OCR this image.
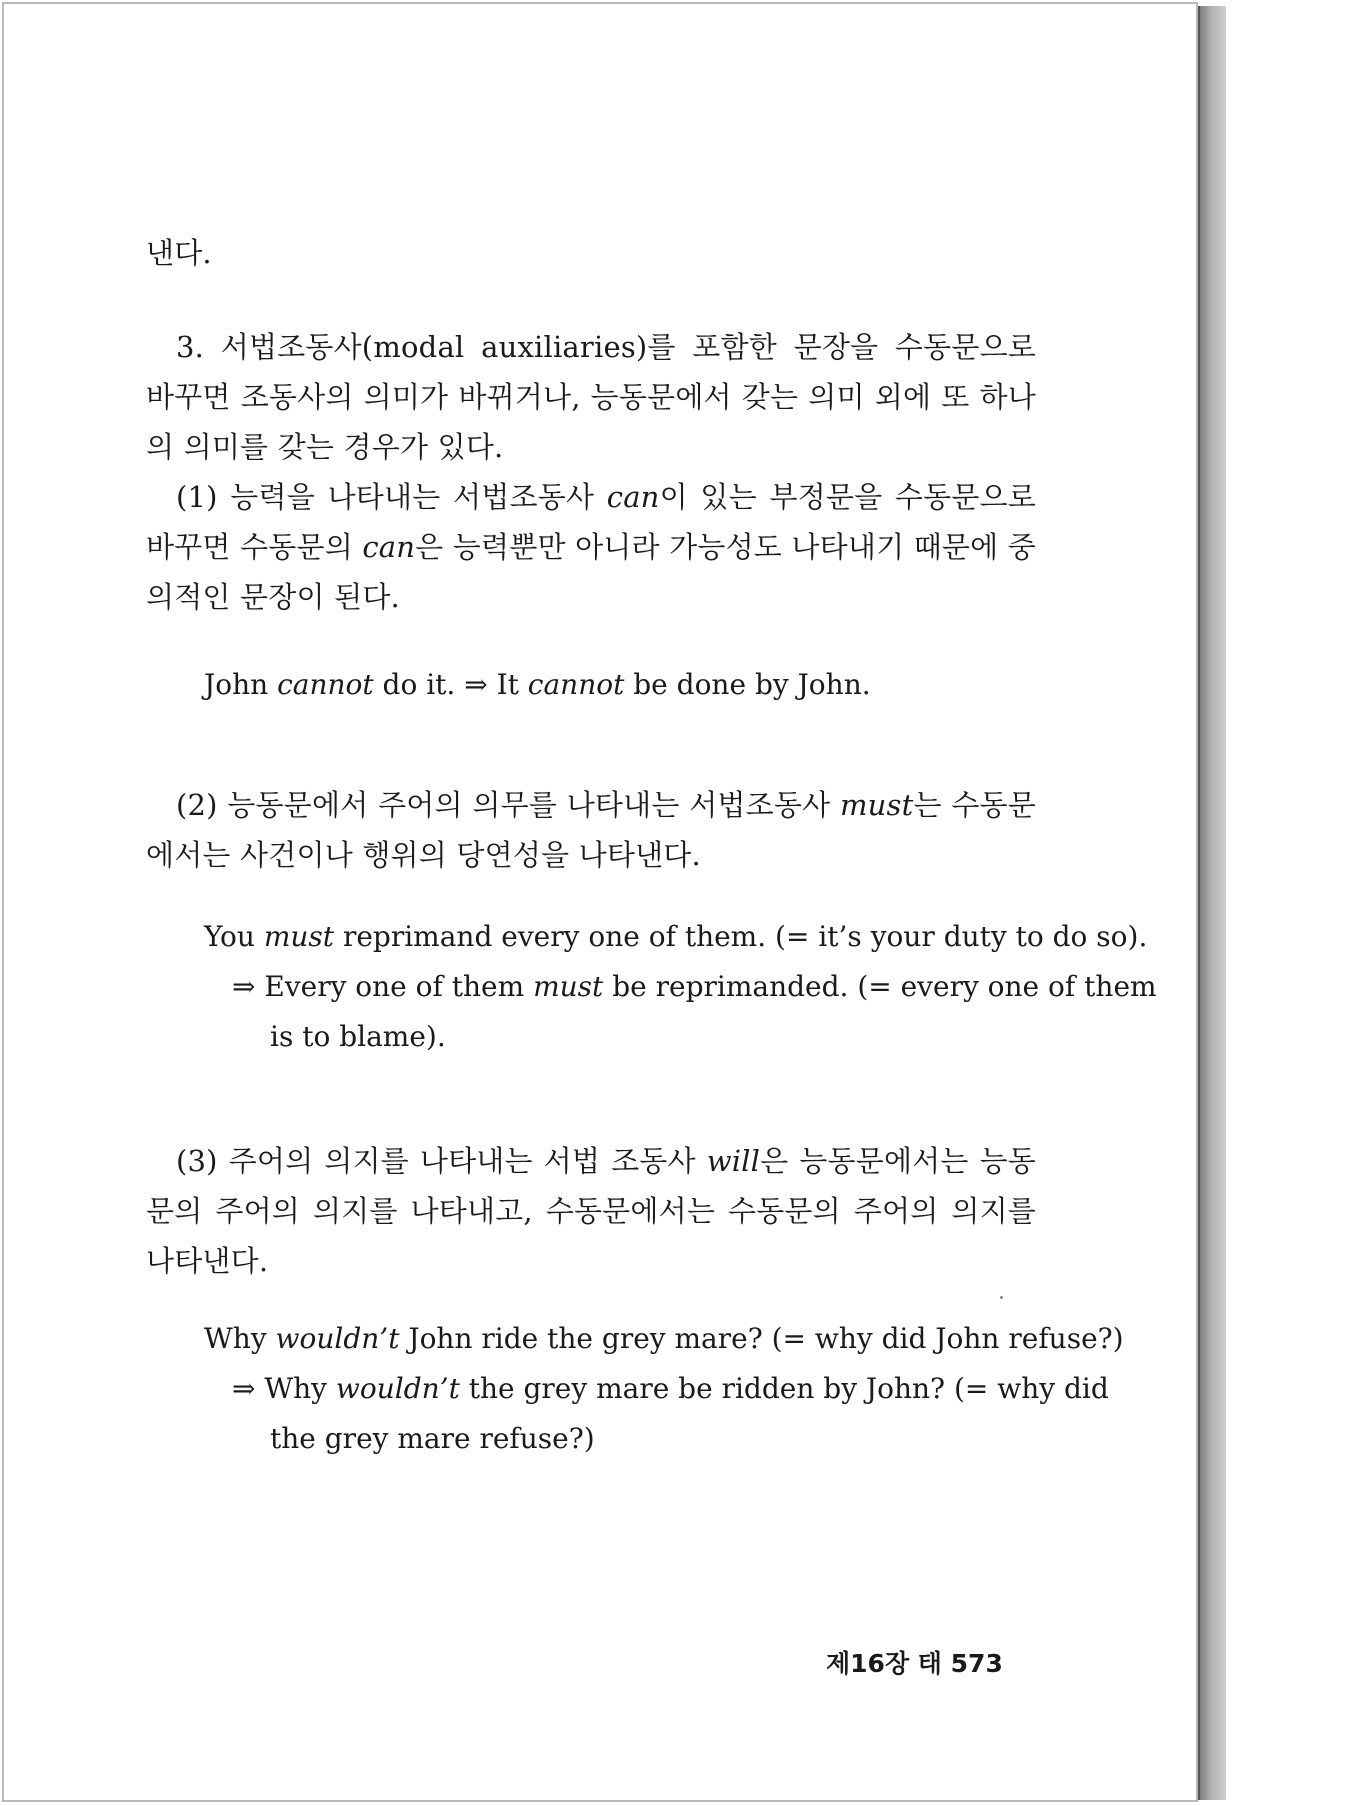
낸다.
3. 서법조동사(modal auxiliaries)를 포함한 문장을 수동문으로 바꾸면 조동사의 의미가 바뀌거나, 능동문에서 갖는 의미 외에 또 하나의 의미를 갖는 경우가 있다.
(1) 능력을 나타내는 서법조동사 can이 있는 부정문을 수동문으로 바꾸면 수동문의 can은 능력뿐만 아니라 가능성도 나타내기 때문에 중의적인 문장이 된다.
John cannot do it. ⇒ It cannot be done by John.
(2) 능동문에서 주어의 의무를 나타내는 서법조동사 must는 수동문에서는 사건이나 행위의 당연성을 나타낸다.
You must reprimand every one of them. (= it’s your duty to do so).
⇒ Every one of them must be reprimanded. (= every one of them
is to blame).
(3) 주어의 의지를 나타내는 서법 조동사 will은 능동문에서는 능동문의 주어의 의지를 나타내고, 수동문에서는 수동문의 주어의 의지를 나타낸다.
Why wouldn’t John ride the grey mare? (= why did John refuse?)
⇒ Why wouldn’t the grey mare be ridden by John? (= why did
the grey mare refuse?)
제16장 태 573
